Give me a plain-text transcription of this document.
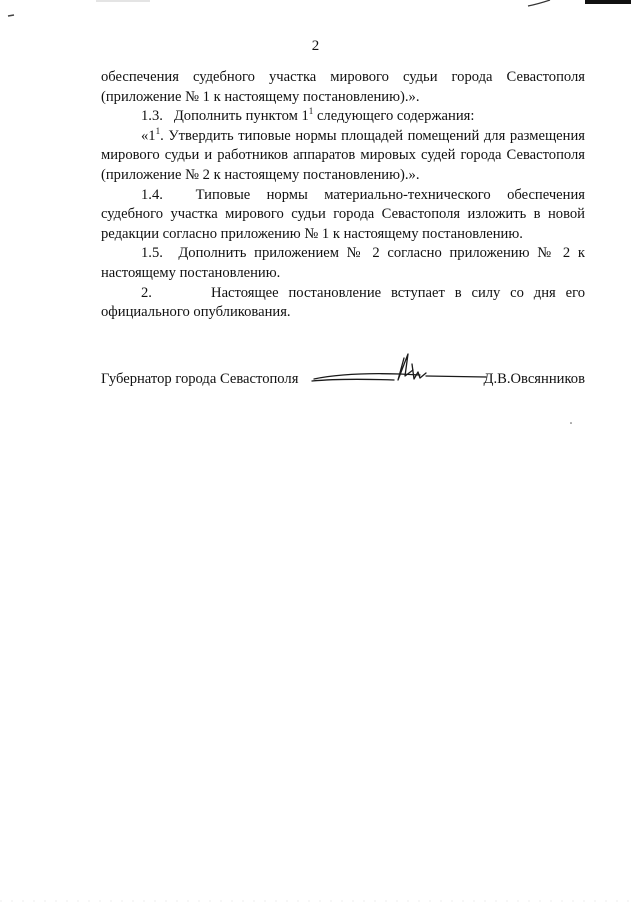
2

обеспечения судебного участка мирового судьи города Севастополя (приложение № 1 к настоящему постановлению).».

1.3.   Дополнить пунктом $1^1$ следующего содержания:

«$1^1$. Утвердить типовые нормы площадей помещений для размещения мирового судьи и работников аппаратов мировых судей города Севастополя (приложение № 2 к настоящему постановлению).».

1.4.  Типовые нормы материально-технического обеспечения судебного участка мирового судьи города Севастополя изложить в новой редакции согласно приложению № 1 к настоящему постановлению.

1.5.  Дополнить приложением № 2 согласно приложению № 2 к настоящему постановлению.

2.      Настоящее постановление вступает в силу со дня его официального опубликования.

Губернатор города Севастополя	Д.В.Овсянников
